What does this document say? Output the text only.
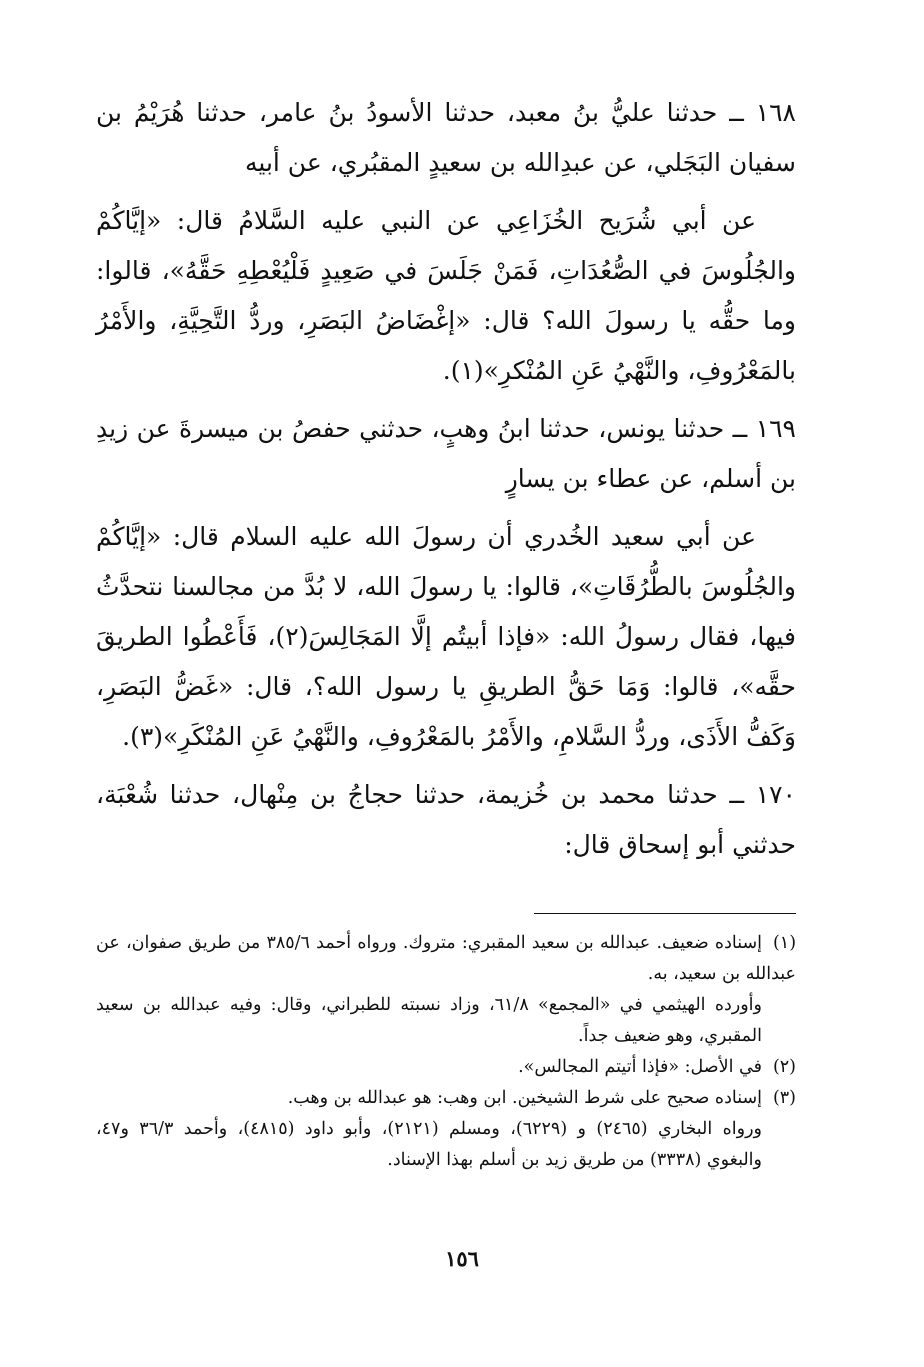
١٦٨ ــ حدثنا عليُّ بنُ معبد، حدثنا الأسودُ بنُ عامر، حدثنا هُرَيْمُ بن سفيان البَجَلي، عن عبدِالله بن سعيدٍ المقبُري، عن أبيه

عن أبي شُرَيح الخُزَاعِي عن النبي عليه السَّلامُ قال: «إيَّاكُمْ والجُلُوسَ في الصُّعُدَاتِ، فَمَنْ جَلَسَ في صَعِيدٍ فَلْيُعْطِهِ حَقَّهُ»، قالوا: وما حقُّه يا رسولَ الله؟ قال: «إغْضَاضُ البَصَرِ، وردُّ التَّحِيَّةِ، والأَمْرُ بالمَعْرُوفِ، والنَّهْيُ عَنِ المُنْكرِ»(١).

١٦٩ ــ حدثنا يونس، حدثنا ابنُ وهبٍ، حدثني حفصُ بن ميسرةَ عن زيدِ بن أسلم، عن عطاء بن يسارٍ

عن أبي سعيد الخُدري أن رسولَ الله عليه السلام قال: «إيَّاكُمْ والجُلُوسَ بالطُّرُقَاتِ»، قالوا: يا رسولَ الله، لا بُدَّ من مجالسنا نتحدَّثُ فيها، فقال رسولُ الله: «فإذا أبيتُم إلَّا المَجَالِسَ(٢)، فَأَعْطُوا الطريقَ حقَّه»، قالوا: وَمَا حَقُّ الطريقِ يا رسول الله؟، قال: «غَضُّ البَصَرِ، وَكَفُّ الأَذَى، وردُّ السَّلامِ، والأَمْرُ بالمَعْرُوفِ، والنَّهْيُ عَنِ المُنْكَرِ»(٣).

١٧٠ ــ حدثنا محمد بن خُزيمة، حدثنا حجاجُ بن مِنْهال، حدثنا شُعْبَة، حدثني أبو إسحاق قال:

(١)إسناده ضعيف. عبدالله بن سعيد المقبري: متروك. ورواه أحمد ٣٨٥/٦ من طريق صفوان، عن عبدالله بن سعيد، به.

وأورده الهيثمي في «المجمع» ٦١/٨، وزاد نسبته للطبراني، وقال: وفيه عبدالله بن سعيد المقبري، وهو ضعيف جداً.

(٢)في الأصل: «فإذا أتيتم المجالس».

(٣)إسناده صحيح على شرط الشيخين. ابن وهب: هو عبدالله بن وهب.

ورواه البخاري (٢٤٦٥) و (٦٢٢٩)، ومسلم (٢١٢١)، وأبو داود (٤٨١٥)، وأحمد ٣٦/٣ و٤٧، والبغوي (٣٣٣٨) من طريق زيد بن أسلم بهذا الإسناد.

١٥٦
